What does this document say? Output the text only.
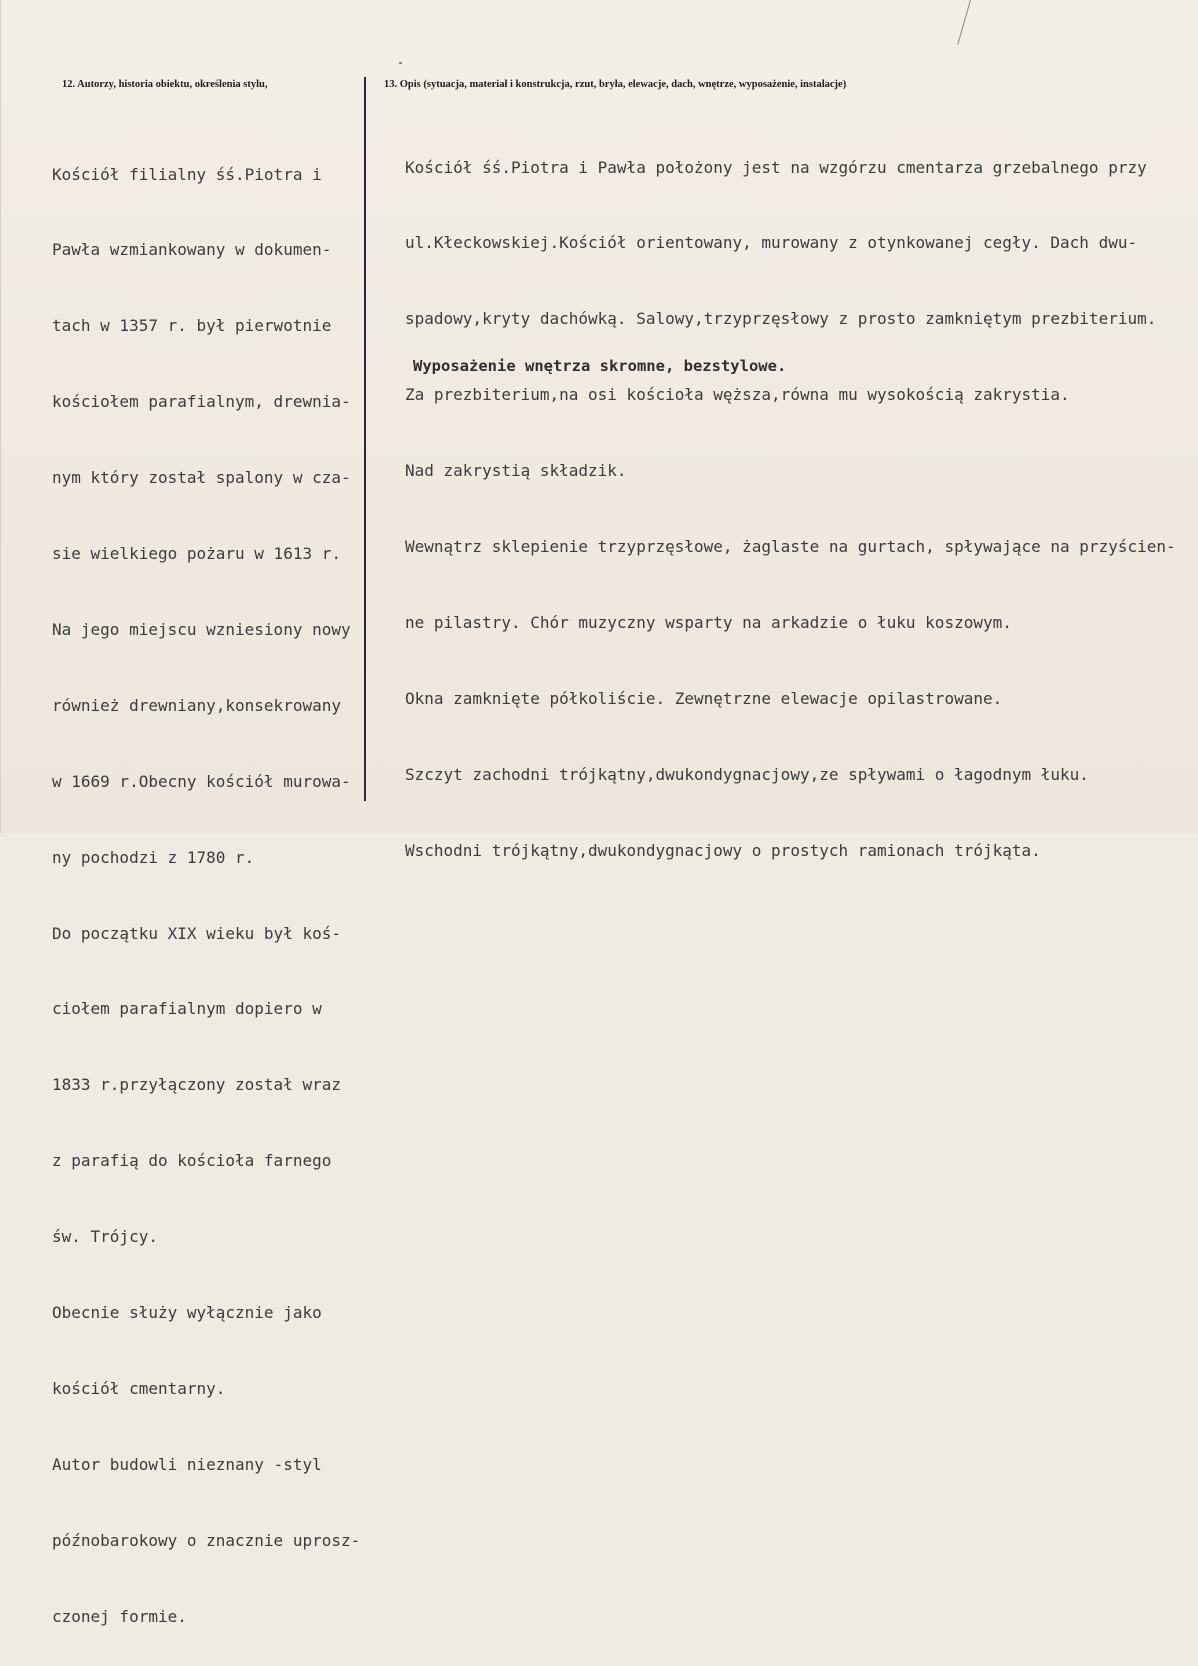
12. Autorzy, historia obiektu, określenia stylu,	13. Opis (sytuacja, materiał i konstrukcja, rzut, bryła, elewacje, dach, wnętrze, wyposażenie, instalacje)

Kościół filialny śś.Piotra i

Pawła wzmiankowany w dokumen-

tach w 1357 r. był pierwotnie

kościołem parafialnym, drewnia-

nym który został spalony w cza-

sie wielkiego pożaru w 1613 r.

Na jego miejscu wzniesiony nowy

również drewniany,konsekrowany

w 1669 r.Obecny kościół murowa-

ny pochodzi z 1780 r.

Do początku XIX wieku był koś-

ciołem parafialnym dopiero w

1833 r.przyłączony został wraz

z parafią do kościoła farnego

św. Trójcy.

Obecnie służy wyłącznie jako

kościół cmentarny.

Autor budowli nieznany -styl

późnobarokowy o znacznie uprosz-

czonej formie.

Kościół śś.Piotra i Pawła położony jest na wzgórzu cmentarza grzebalnego przy

ul.Kłeckowskiej.Kościół orientowany, murowany z otynkowanej cegły. Dach dwu-

spadowy,kryty dachówką. Salowy,trzyprzęsłowy z prosto zamkniętym prezbiterium.

Za prezbiterium,na osi kościoła węższa,równa mu wysokością zakrystia.

Nad zakrystią składzik.

Wewnątrz sklepienie trzyprzęsłowe, żaglaste na gurtach, spływające na przyścien-

ne pilastry. Chór muzyczny wsparty na arkadzie o łuku koszowym.

Okna zamknięte półkoliście. Zewnętrzne elewacje opilastrowane.

Szczyt zachodni trójkątny,dwukondygnacjowy,ze spływami o łagodnym łuku.

Wschodni trójkątny,dwukondygnacjowy o prostych ramionach trójkąta.

Wyposażenie wnętrza skromne, bezstylowe.
